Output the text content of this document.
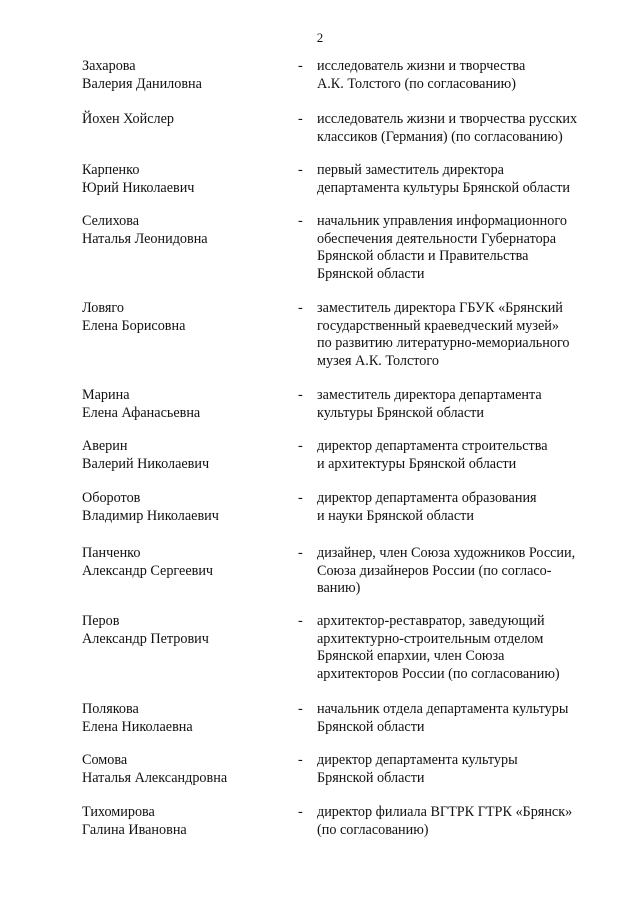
2
Захарова
Валерия Даниловна
- исследователь жизни и творчества
А.К. Толстого (по согласованию)
Йохен Хойслер	- исследователь жизни и творчества русских
классиков (Германия) (по согласованию)
Карпенко
Юрий Николаевич
- первый заместитель директора
департамента культуры Брянской области
Селихова
Наталья Леонидовна
- начальник управления информационного
обеспечения деятельности Губернатора
Брянской области и Правительства
Брянской области
Ловяго
Елена Борисовна
- заместитель директора ГБУК «Брянский
государственный краеведческий музей»
по развитию литературно-мемориального
музея А.К. Толстого
Марина
Елена Афанасьевна
- заместитель директора департамента
культуры Брянской области
Аверин
Валерий Николаевич
- директор департамента строительства
и архитектуры Брянской области
Оборотов
Владимир Николаевич
- директор департамента образования
и науки Брянской области
Панченко
Александр Сергеевич
- дизайнер, член Союза художников России,
Союза дизайнеров России (по согласо-
ванию)
Перов
Александр Петрович
- архитектор-реставратор, заведующий
архитектурно-строительным отделом
Брянской епархии, член Союза
архитекторов России (по согласованию)
Полякова
Елена Николаевна
- начальник отдела департамента культуры
Брянской области
Сомова
Наталья Александровна
- директор департамента культуры
Брянской области
Тихомирова
Галина Ивановна
- директор филиала ВГТРК ГТРК «Брянск»
(по согласованию)
